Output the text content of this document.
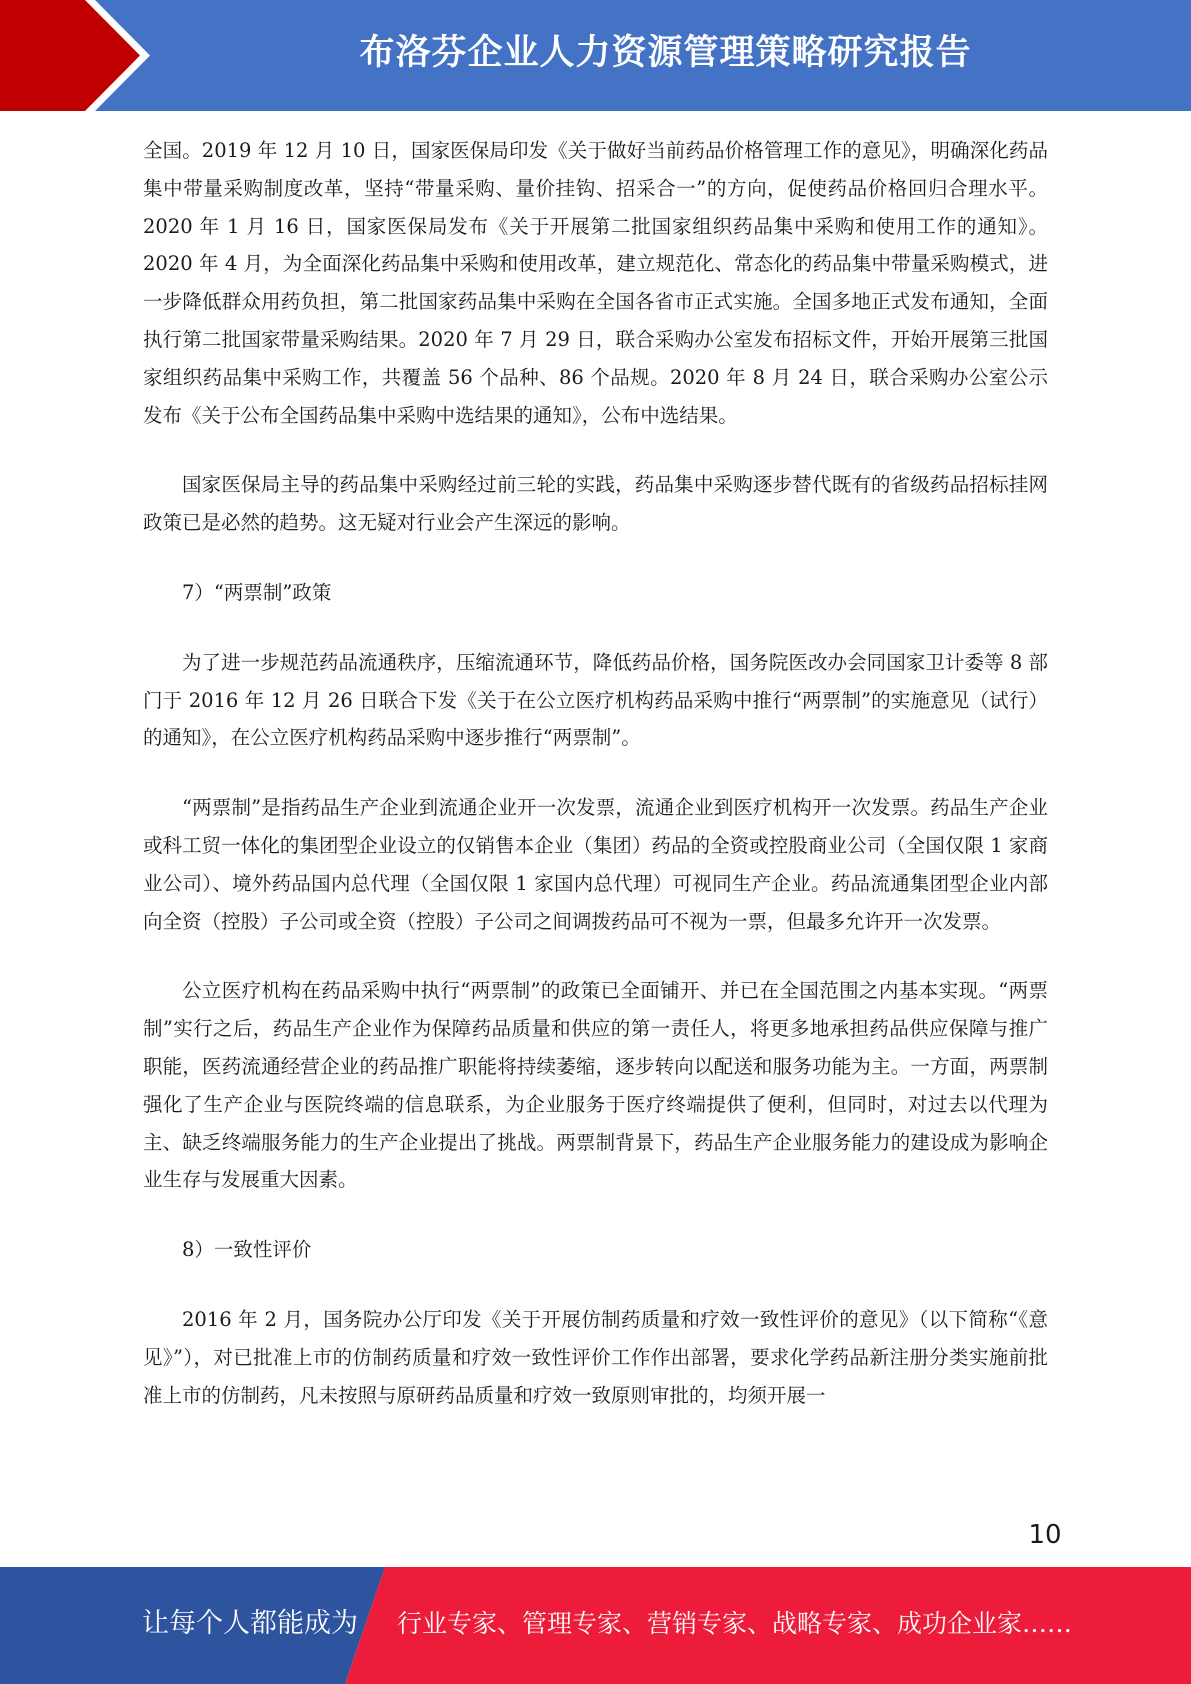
布洛芬企业人力资源管理策略研究报告

全国。2019 年 12 月 10 日，国家医保局印发《关于做好当前药品价格管理工作的意见》，明确深化药品集中带量采购制度改革，坚持“带量采购、量价挂钩、招采合一”的方向，促使药品价格回归合理水平。2020 年 1 月 16 日，国家医保局发布《关于开展第二批国家组织药品集中采购和使用工作的通知》。2020 年 4 月，为全面深化药品集中采购和使用改革，建立规范化、常态化的药品集中带量采购模式，进一步降低群众用药负担，第二批国家药品集中采购在全国各省市正式实施。全国多地正式发布通知，全面执行第二批国家带量采购结果。2020 年 7 月 29 日，联合采购办公室发布招标文件，开始开展第三批国家组织药品集中采购工作，共覆盖 56 个品种、86 个品规。2020 年 8 月 24 日，联合采购办公室公示发布《关于公布全国药品集中采购中选结果的通知》，公布中选结果。

国家医保局主导的药品集中采购经过前三轮的实践，药品集中采购逐步替代既有的省级药品招标挂网政策已是必然的趋势。这无疑对行业会产生深远的影响。

7）“两票制”政策

为了进一步规范药品流通秩序，压缩流通环节，降低药品价格，国务院医改办会同国家卫计委等 8 部门于 2016 年 12 月 26 日联合下发《关于在公立医疗机构药品采购中推行“两票制”的实施意见（试行）的通知》，在公立医疗机构药品采购中逐步推行“两票制”。

“两票制”是指药品生产企业到流通企业开一次发票，流通企业到医疗机构开一次发票。药品生产企业或科工贸一体化的集团型企业设立的仅销售本企业（集团）药品的全资或控股商业公司（全国仅限 1 家商业公司）、境外药品国内总代理（全国仅限 1 家国内总代理）可视同生产企业。药品流通集团型企业内部向全资（控股）子公司或全资（控股）子公司之间调拨药品可不视为一票，但最多允许开一次发票。

公立医疗机构在药品采购中执行“两票制”的政策已全面铺开、并已在全国范围之内基本实现。“两票制”实行之后，药品生产企业作为保障药品质量和供应的第一责任人，将更多地承担药品供应保障与推广职能，医药流通经营企业的药品推广职能将持续萎缩，逐步转向以配送和服务功能为主。一方面，两票制强化了生产企业与医院终端的信息联系，为企业服务于医疗终端提供了便利，但同时，对过去以代理为主、缺乏终端服务能力的生产企业提出了挑战。两票制背景下，药品生产企业服务能力的建设成为影响企业生存与发展重大因素。

8）一致性评价

2016 年 2 月，国务院办公厅印发《关于开展仿制药质量和疗效一致性评价的意见》（以下简称“《意见》”），对已批准上市的仿制药质量和疗效一致性评价工作作出部署，要求化学药品新注册分类实施前批准上市的仿制药，凡未按照与原研药品质量和疗效一致原则审批的，均须开展一

10
让每个人都能成为 行业专家、管理专家、营销专家、战略专家、成功企业家……
